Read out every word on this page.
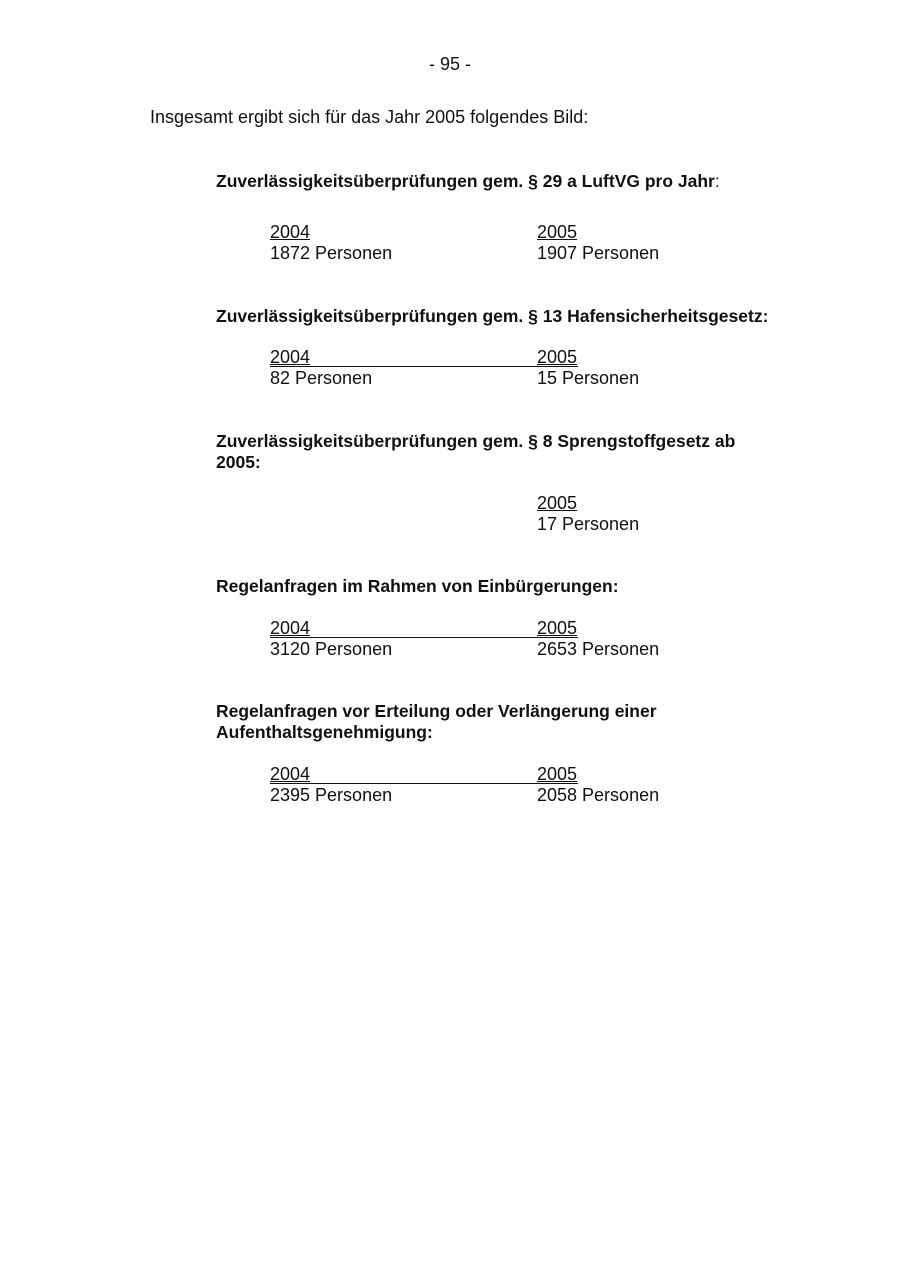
- 95 -
Insgesamt ergibt sich für das Jahr 2005 folgendes Bild:
Zuverlässigkeitsüberprüfungen gem. § 29 a LuftVG pro Jahr:
2004
1872 Personen
2005
1907 Personen
Zuverlässigkeitsüberprüfungen gem. § 13 Hafensicherheitsgesetz:
2004
82 Personen
2005
15 Personen
Zuverlässigkeitsüberprüfungen gem. § 8 Sprengstoffgesetz ab
2005:
2005
17 Personen
Regelanfragen im Rahmen von Einbürgerungen:
2004
3120 Personen
2005
2653 Personen
Regelanfragen vor Erteilung oder Verlängerung einer
Aufenthaltsgenehmigung:
2004
2395 Personen
2005
2058 Personen
